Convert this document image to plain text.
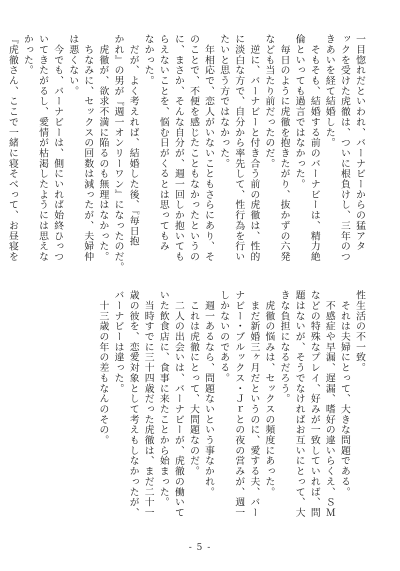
一目惚れだといわれ、バーナビーからの猛アタ
ックを受けた虎徹は、ついに根負けし、三年のつ
きあいを経て結婚した。
　そもそも、結婚する前のバーナビーは、精力絶
倫といっても過言ではなかった。
　毎日のように虎徹を抱きたがり、抜かずの六発
なども当たり前だったのだ。
　逆に、バーナビーと付き合う前の虎徹は、性的
に淡白な方で、自分から率先して、性行為を行い
たいと思う方ではなかった。
　年相応で、恋人がいないこともさらにあり、そ
のことで、不便を感じたこともなかったというの
に、まさか、そんな自分が、週一回しか抱いても
らえないことを、悩む日がくるとは思ってもみ
なかった。
　だが、よく考えれば、結婚した後、『毎日抱
かれ』の男が『週一オンリーワン』になったのだ。
　虎徹が、欲求不満に陥るのも無理はなかった。
　ちなみに、セックスの回数は減ったが、夫婦仲
は悪くない。
　今でも、バーナビーは、側にいれば始終ひっつ
いてきたがるし、愛情が枯渇したようには思えな
かった。
『虎徹さん、ここで一緒に寝そべって、お昼寝を
性生活の不一致。
　それは夫婦にとって、大きな問題である。
　不感症や早漏、遅漏、嗜好の違いらくえ、ＳＭ
などの特殊なプレイ、好みが一致していれば、問
題はないが、そうでなければお互いにとって、大
きな負担になるだろう。
　虎徹の悩みは、セックスの頻度にあった。
　まだ新婚三ヶ月だというのに、愛する夫、バー
ナビー・ブルックス・Ｊｒとの夜の営みが、週一
しかないのである。
　週一あるなら、問題ないという事なかれ。
　これは虎徹にとって、大問題なのだ。
　二人の出会いは、バーナビーが、虎徹の働いて
いた飲食店に、食事に来たことから始まった。
　当時すでに三十四歳だった虎徹は、まだ二十一
歳の彼を、恋愛対象として考えもしなかったが、
バーナビーは違った。
　十三歳の年の差もなんのその。
- 5 -
